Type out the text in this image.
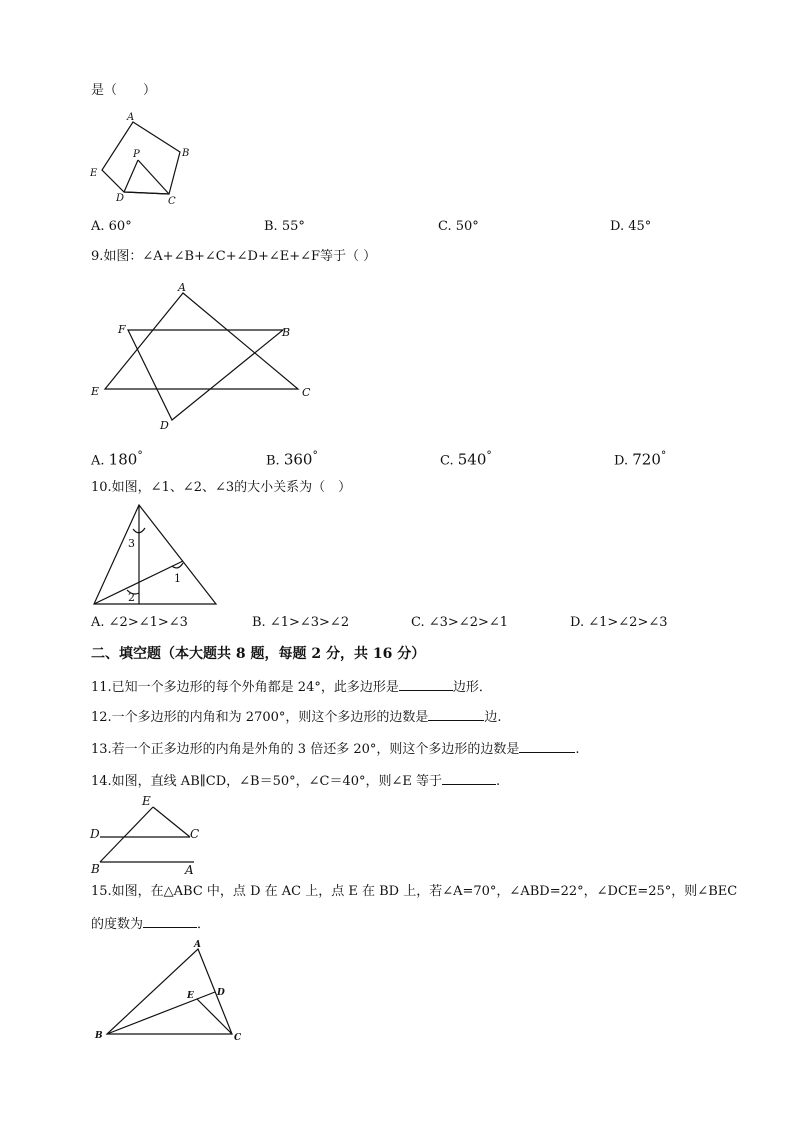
是（　　）
A
B
C
D
E
P
A. 60°	B. 55°	C. 50°	D. 45°
9.如图：∠A+∠B+∠C+∠D+∠E+∠F等于（ ）
A
B
C
D
E
F
A. 180°	B. 360°	C. 540°	D. 720°
10.如图，∠1、∠2、∠3的大小关系为（　）
3
1
2
A. ∠2>∠1>∠3	B. ∠1>∠3>∠2	C. ∠3>∠2>∠1	D. ∠1>∠2>∠3
二、填空题（本大题共 8 题，每题 2 分，共 16 分）
11.已知一个多边形的每个外角都是 24°，此多边形是	边形．
12.一个多边形的内角和为 2700°，则这个多边形的边数是	边.
13.若一个正多边形的内角是外角的 3 倍还多 20°，则这个多边形的边数是	.
14.如图，直线 AB∥CD，∠B＝50°，∠C＝40°，则∠E 等于	.
E
D	C
B	A
15.如图，在△ABC 中，点 D 在 AC 上，点 E 在 BD 上，若∠A=70°，∠ABD=22°，∠DCE=25°，则∠BEC
的度数为	．
A
D
E
B	C
